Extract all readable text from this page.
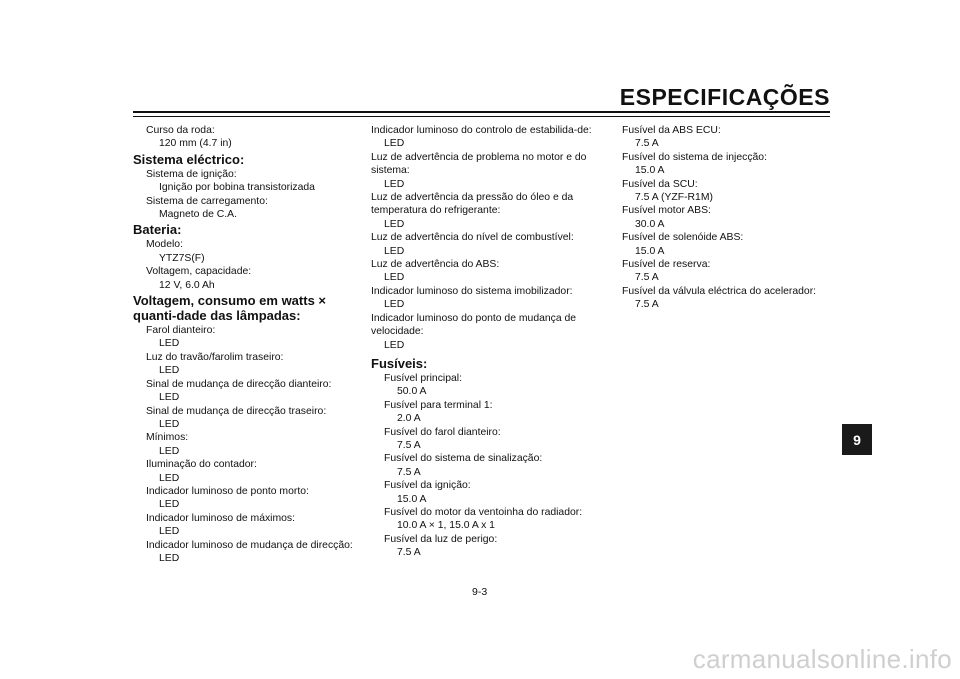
ESPECIFICAÇÕES
Curso da roda:
120 mm (4.7 in)
Sistema eléctrico:
Sistema de ignição:
Ignição por bobina transistorizada
Sistema de carregamento:
Magneto de C.A.
Bateria:
Modelo:
YTZ7S(F)
Voltagem, capacidade:
12 V, 6.0 Ah
Voltagem, consumo em watts × quanti-dade das lâmpadas:
Farol dianteiro:
LED
Luz do travão/farolim traseiro:
LED
Sinal de mudança de direcção dianteiro:
LED
Sinal de mudança de direcção traseiro:
LED
Mínimos:
LED
Iluminação do contador:
LED
Indicador luminoso de ponto morto:
LED
Indicador luminoso de máximos:
LED
Indicador luminoso de mudança de direcção:
LED
Indicador luminoso do controlo de estabilida-de:
LED
Luz de advertência de problema no motor e do sistema:
LED
Luz de advertência da pressão do óleo e da temperatura do refrigerante:
LED
Luz de advertência do nível de combustível:
LED
Luz de advertência do ABS:
LED
Indicador luminoso do sistema imobilizador:
LED
Indicador luminoso do ponto de mudança de velocidade:
LED
Fusíveis:
Fusível principal:
50.0 A
Fusível para terminal 1:
2.0 A
Fusível do farol dianteiro:
7.5 A
Fusível do sistema de sinalização:
7.5 A
Fusível da ignição:
15.0 A
Fusível do motor da ventoinha do radiador:
10.0 A × 1, 15.0 A x 1
Fusível da luz de perigo:
7.5 A
Fusível da ABS ECU:
7.5 A
Fusível do sistema de injecção:
15.0 A
Fusível da SCU:
7.5 A (YZF-R1M)
Fusível motor ABS:
30.0 A
Fusível de solenóide ABS:
15.0 A
Fusível de reserva:
7.5 A
Fusível da válvula eléctrica do acelerador:
7.5 A
9
9-3
carmanualsonline.info
